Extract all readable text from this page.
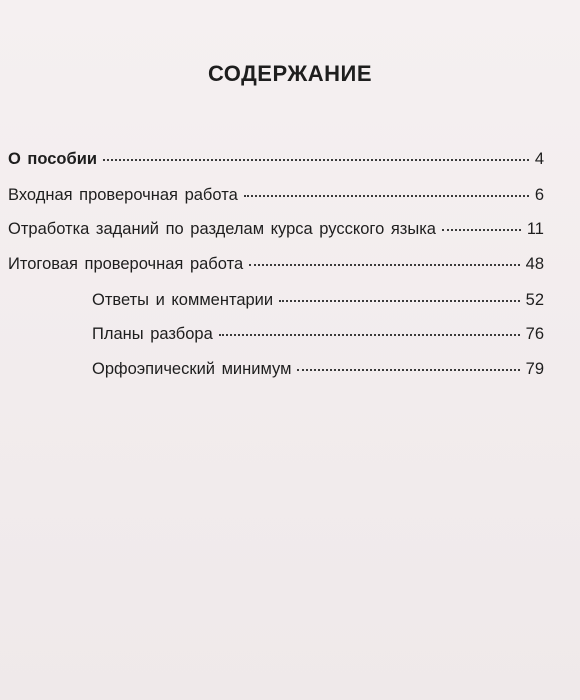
СОДЕРЖАНИЕ
О пособии	4
Входная проверочная работа	6
Отработка заданий по разделам курса русского языка	11
Итоговая проверочная работа	48
Ответы и комментарии	52
Планы разбора	76
Орфоэпический минимум	79
